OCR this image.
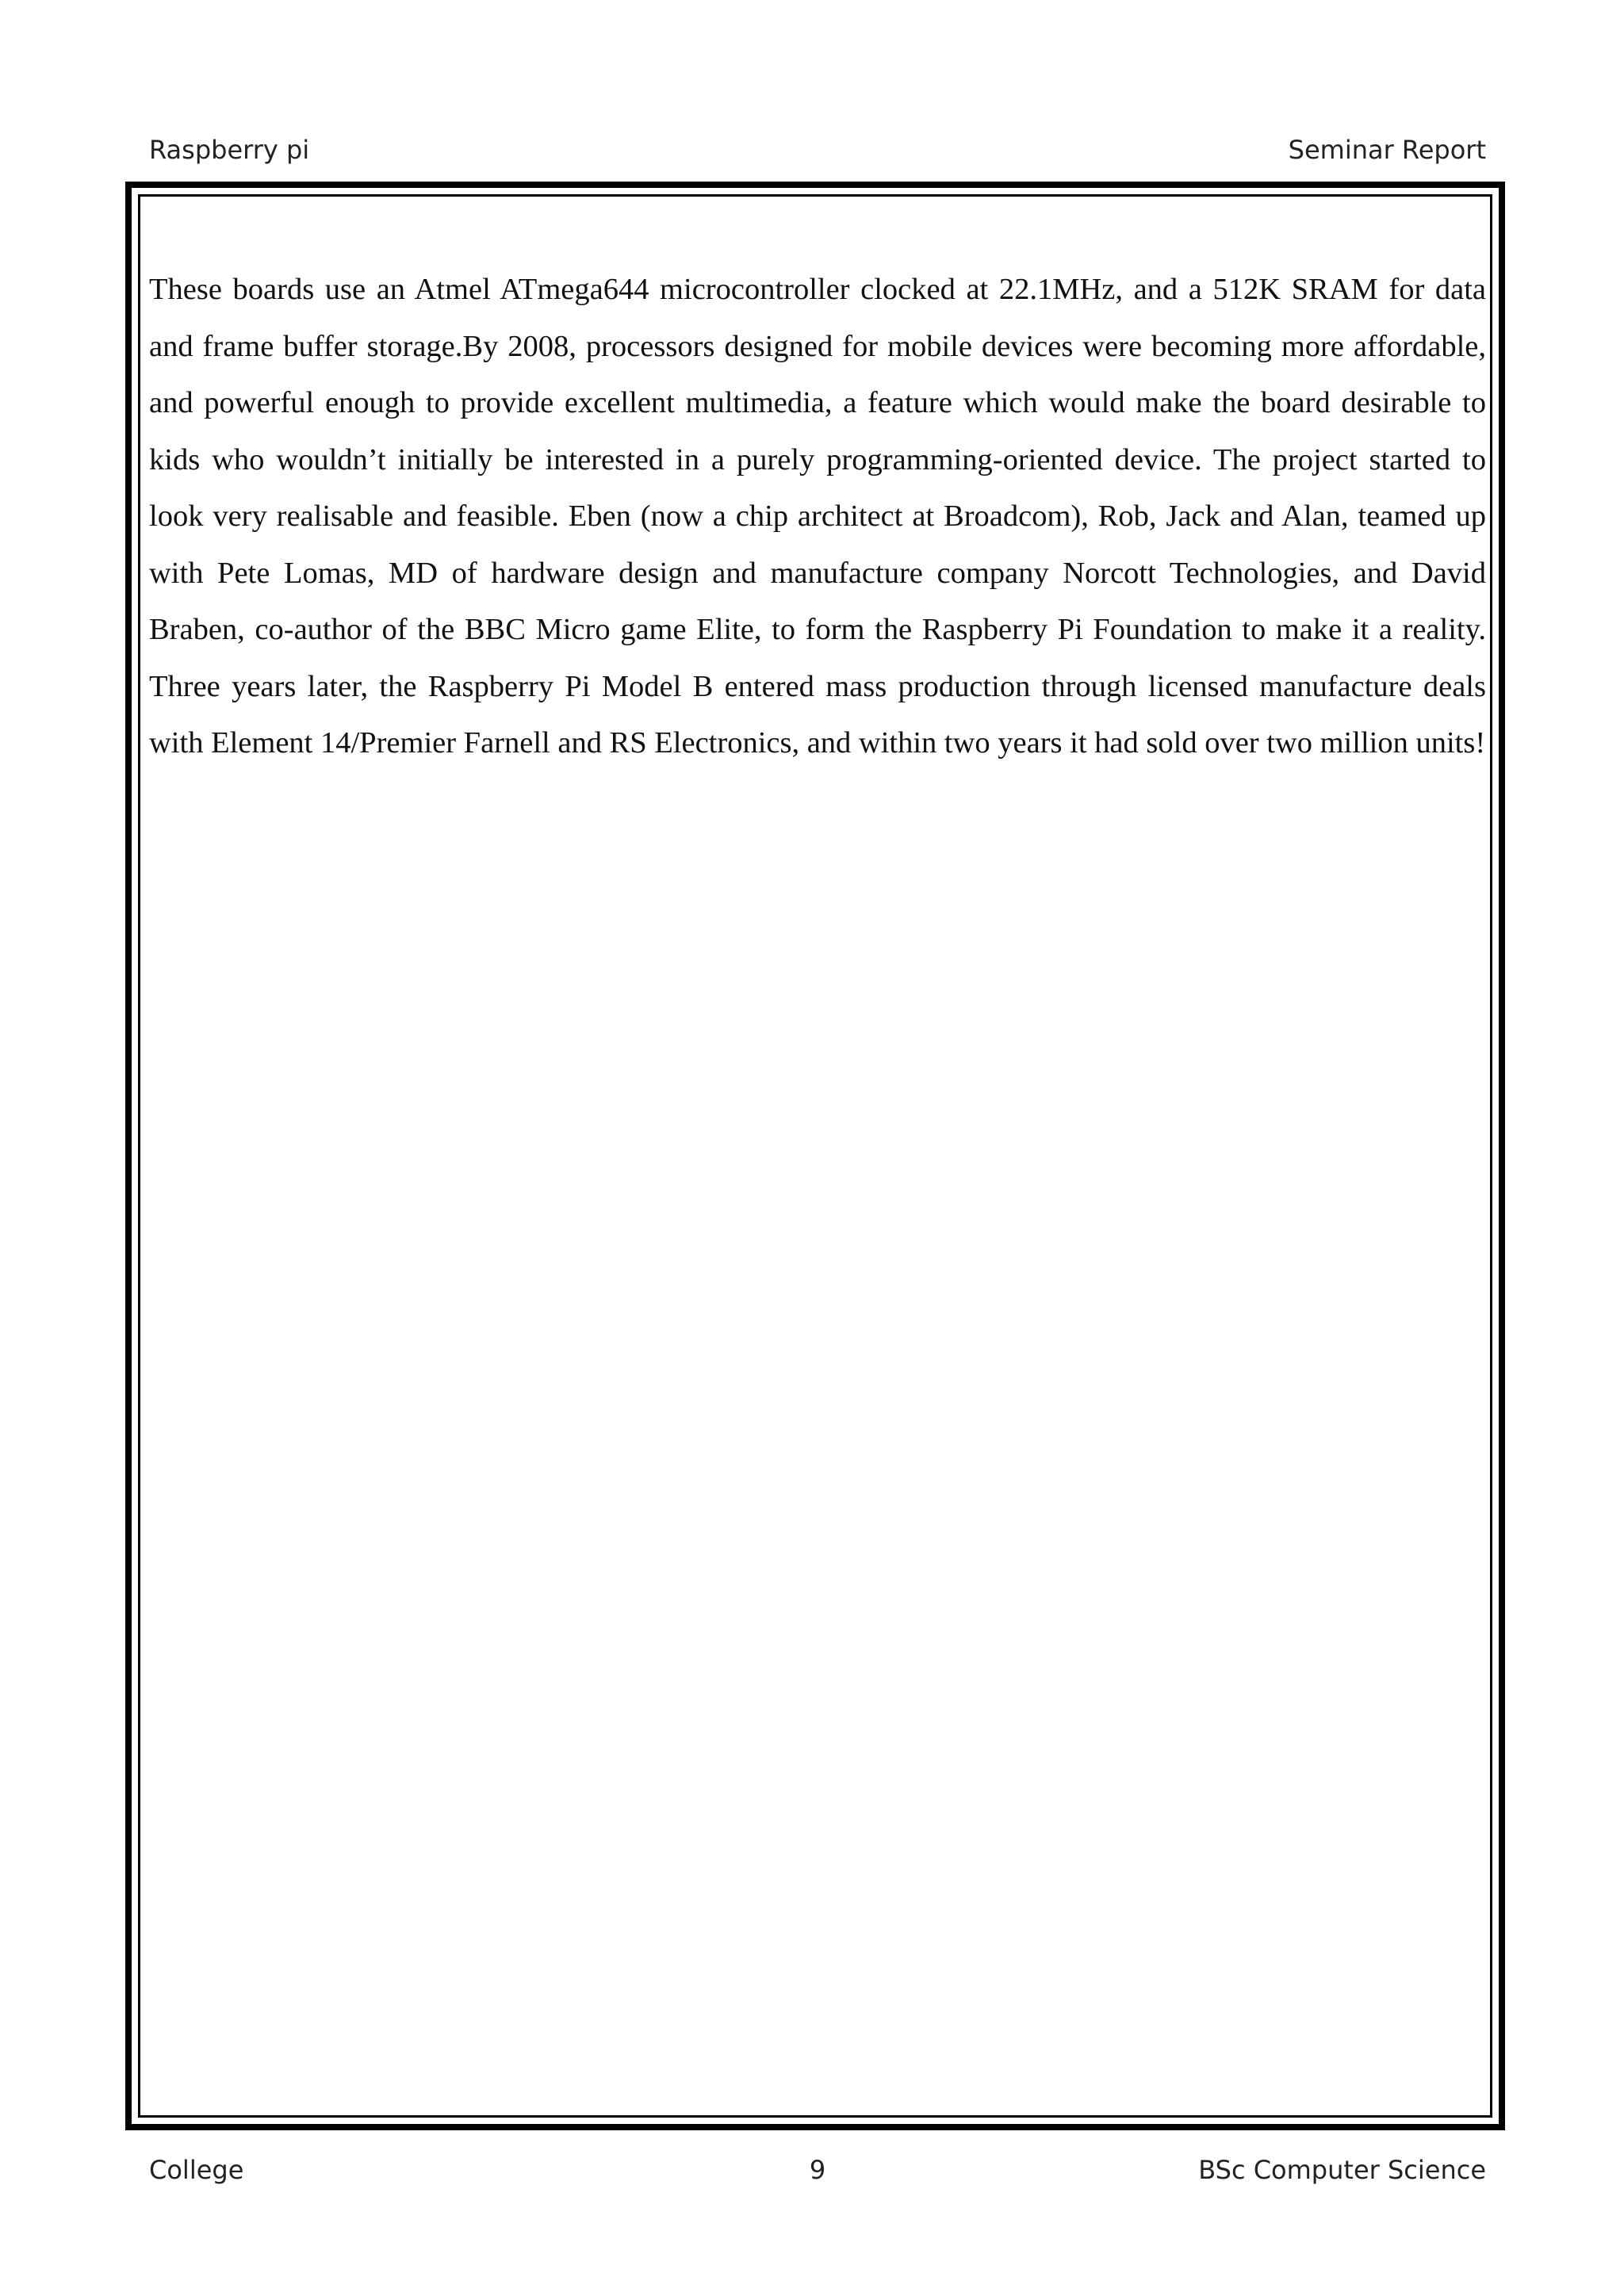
Raspberry pi	Seminar Report

These boards use an Atmel ATmega644 microcontroller clocked at 22.1MHz, and a 512K SRAM for data and frame buffer storage.By 2008, processors designed for mobile devices were becoming more affordable, and powerful enough to provide excellent multimedia, a feature which would make the board desirable to kids who wouldn’t initially be interested in a purely programming-oriented device. The project started to look very realisable and feasible. Eben (now a chip architect at Broadcom), Rob, Jack and Alan, teamed up with Pete Lomas, MD of hardware design and manufacture company Norcott Technologies, and David Braben, co-author of the BBC Micro game Elite, to form the Raspberry Pi Foundation to make it a reality. Three years later, the Raspberry Pi Model B entered mass production through licensed manufacture deals with Element 14/Premier Farnell and RS Electronics, and within two years it had sold over two million units!

College	9	BSc Computer Science
